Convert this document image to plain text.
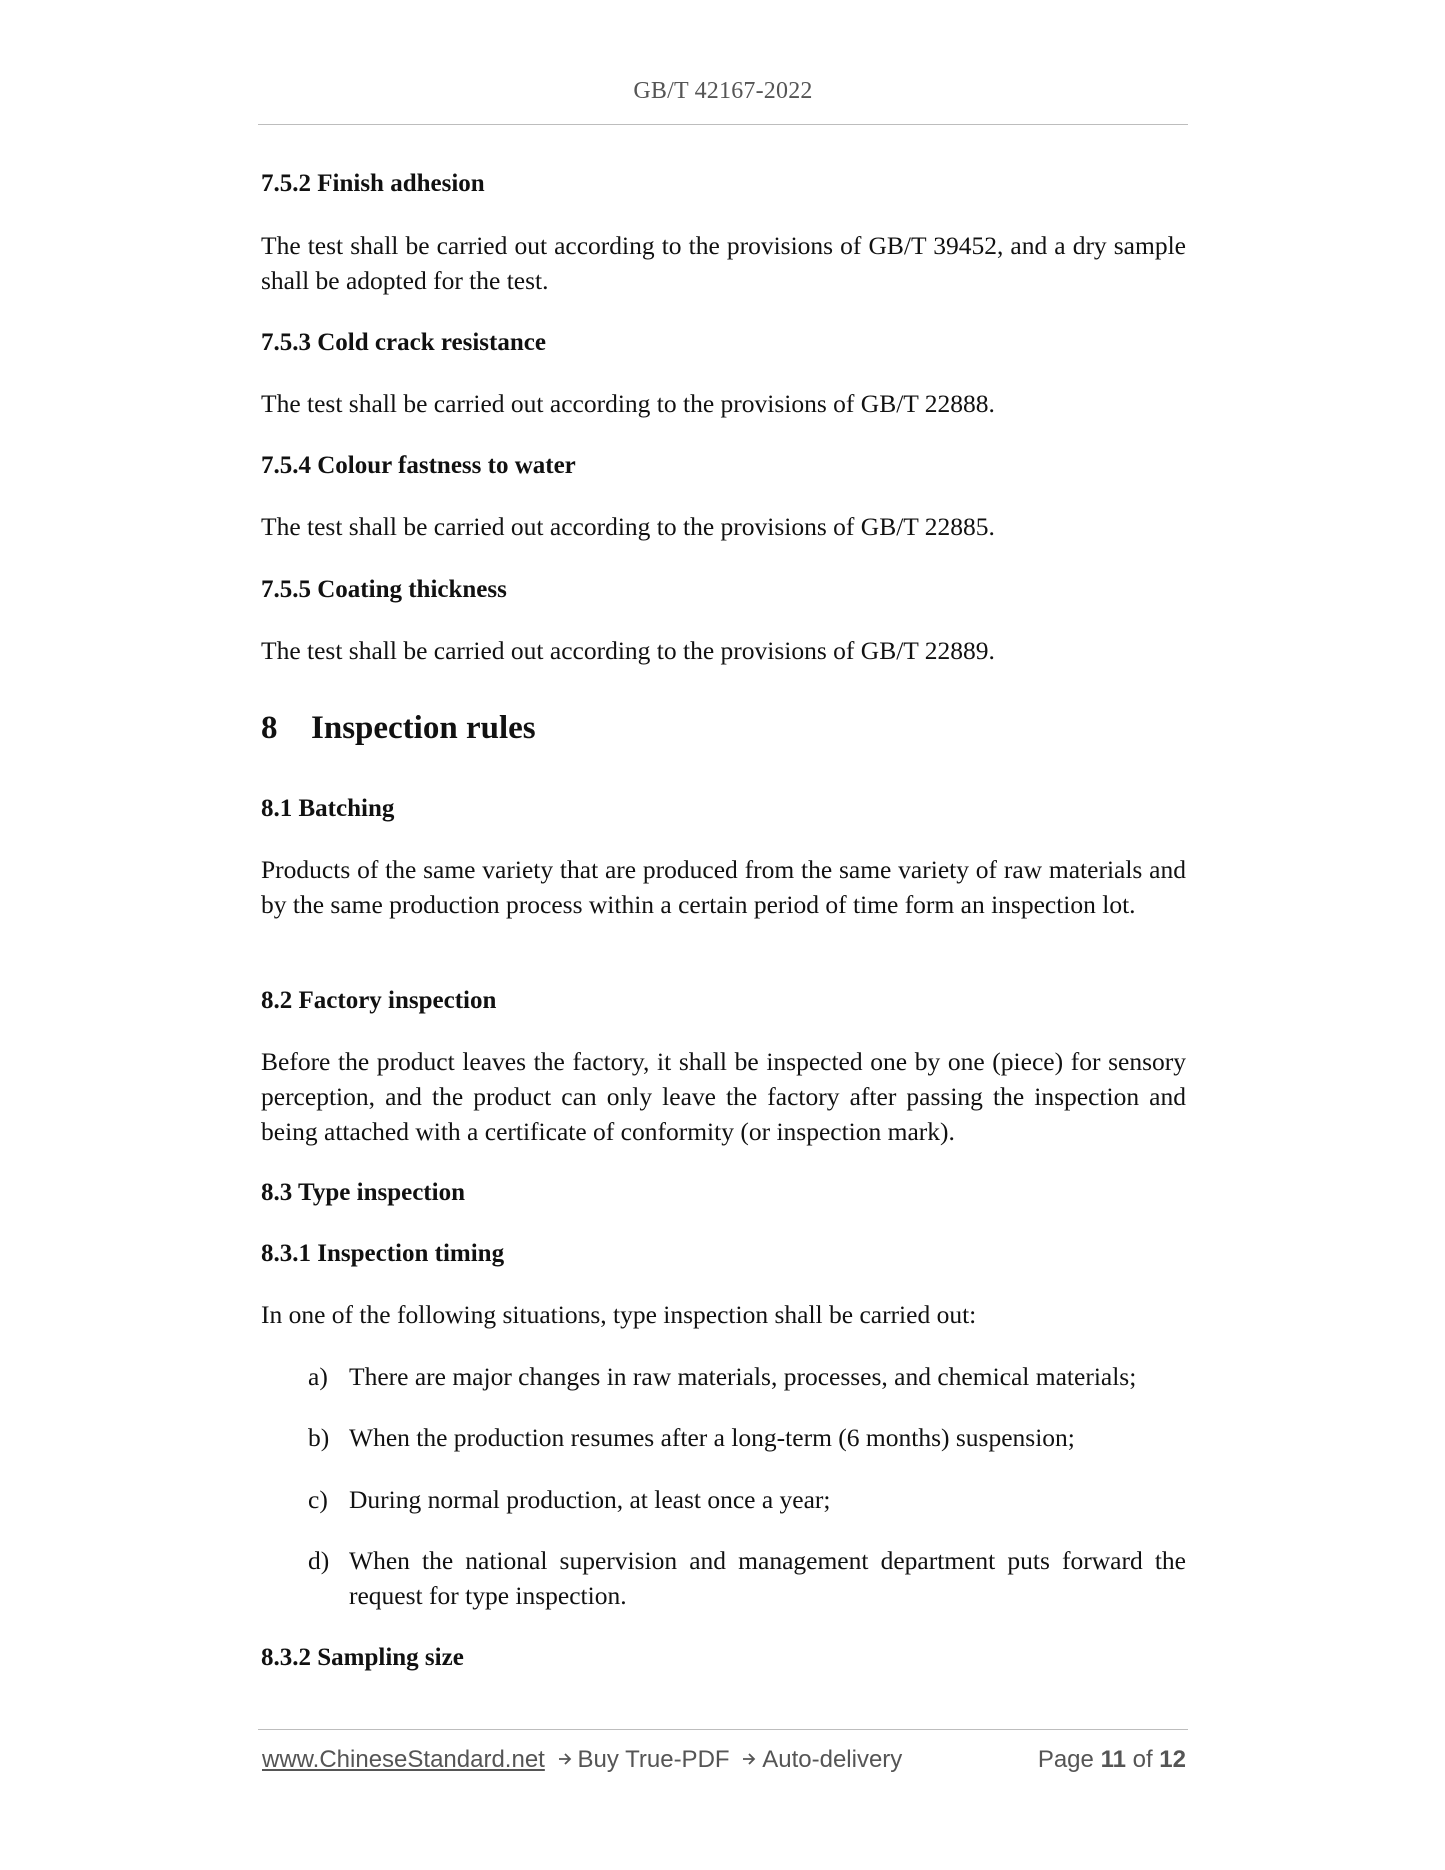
GB/T 42167-2022

7.5.2 Finish adhesion

The test shall be carried out according to the provisions of GB/T 39452, and a dry sample shall be adopted for the test.

7.5.3 Cold crack resistance

The test shall be carried out according to the provisions of GB/T 22888.

7.5.4 Colour fastness to water

The test shall be carried out according to the provisions of GB/T 22885.

7.5.5 Coating thickness

The test shall be carried out according to the provisions of GB/T 22889.

8 Inspection rules

8.1 Batching

Products of the same variety that are produced from the same variety of raw materials and by the same production process within a certain period of time form an inspection lot.

8.2 Factory inspection

Before the product leaves the factory, it shall be inspected one by one (piece) for sensory perception, and the product can only leave the factory after passing the inspection and being attached with a certificate of conformity (or inspection mark).

8.3 Type inspection

8.3.1 Inspection timing

In one of the following situations, type inspection shall be carried out:

a) There are major changes in raw materials, processes, and chemical materials;
b) When the production resumes after a long-term (6 months) suspension;
c) During normal production, at least once a year;
d) When the national supervision and management department puts forward the request for type inspection.

8.3.2 Sampling size

www.ChineseStandard.net Buy True-PDF Auto-delivery	Page 11 of 12
